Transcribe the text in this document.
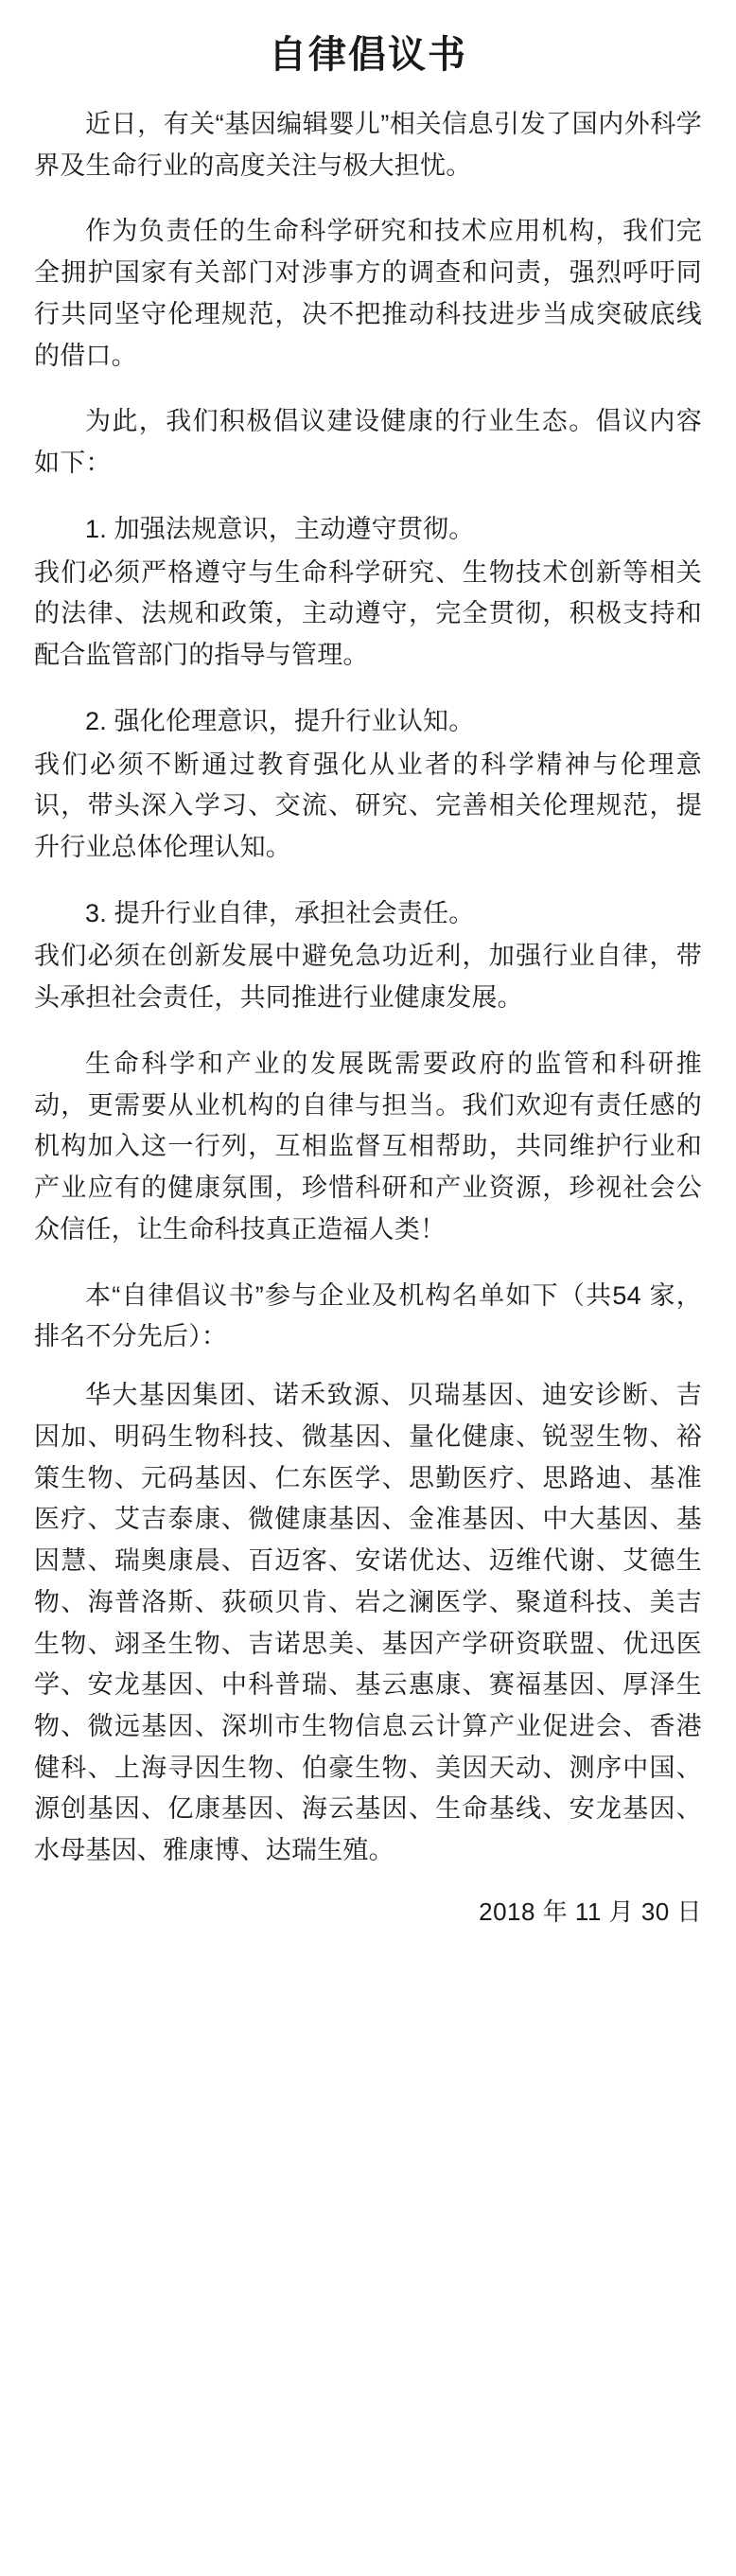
自律倡议书

近日，有关“基因编辑婴儿”相关信息引发了国内外科学界及生命行业的高度关注与极大担忧。

作为负责任的生命科学研究和技术应用机构，我们完全拥护国家有关部门对涉事方的调查和问责，强烈呼吁同行共同坚守伦理规范，决不把推动科技进步当成突破底线的借口。

为此，我们积极倡议建设健康的行业生态。倡议内容如下：

1. 加强法规意识，主动遵守贯彻。

我们必须严格遵守与生命科学研究、生物技术创新等相关的法律、法规和政策，主动遵守，完全贯彻，积极支持和配合监管部门的指导与管理。

2. 强化伦理意识，提升行业认知。

我们必须不断通过教育强化从业者的科学精神与伦理意识，带头深入学习、交流、研究、完善相关伦理规范，提升行业总体伦理认知。

3. 提升行业自律，承担社会责任。

我们必须在创新发展中避免急功近利，加强行业自律，带头承担社会责任，共同推进行业健康发展。

生命科学和产业的发展既需要政府的监管和科研推动，更需要从业机构的自律与担当。我们欢迎有责任感的机构加入这一行列，互相监督互相帮助，共同维护行业和产业应有的健康氛围，珍惜科研和产业资源，珍视社会公众信任，让生命科技真正造福人类！

本“自律倡议书”参与企业及机构名单如下（共54 家，排名不分先后）：

华大基因集团、诺禾致源、贝瑞基因、迪安诊断、吉因加、明码生物科技、微基因、量化健康、锐翌生物、裕策生物、元码基因、仁东医学、思勤医疗、思路迪、基准医疗、艾吉泰康、微健康基因、金准基因、中大基因、基因慧、瑞奥康晨、百迈客、安诺优达、迈维代谢、艾德生物、海普洛斯、荻硕贝肯、岩之澜医学、聚道科技、美吉生物、翊圣生物、吉诺思美、基因产学研资联盟、优迅医学、安龙基因、中科普瑞、基云惠康、赛福基因、厚泽生物、微远基因、深圳市生物信息云计算产业促进会、香港健科、上海寻因生物、伯豪生物、美因天动、测序中国、源创基因、亿康基因、海云基因、生命基线、安龙基因、水母基因、雅康博、达瑞生殖。

2018 年 11 月 30 日
